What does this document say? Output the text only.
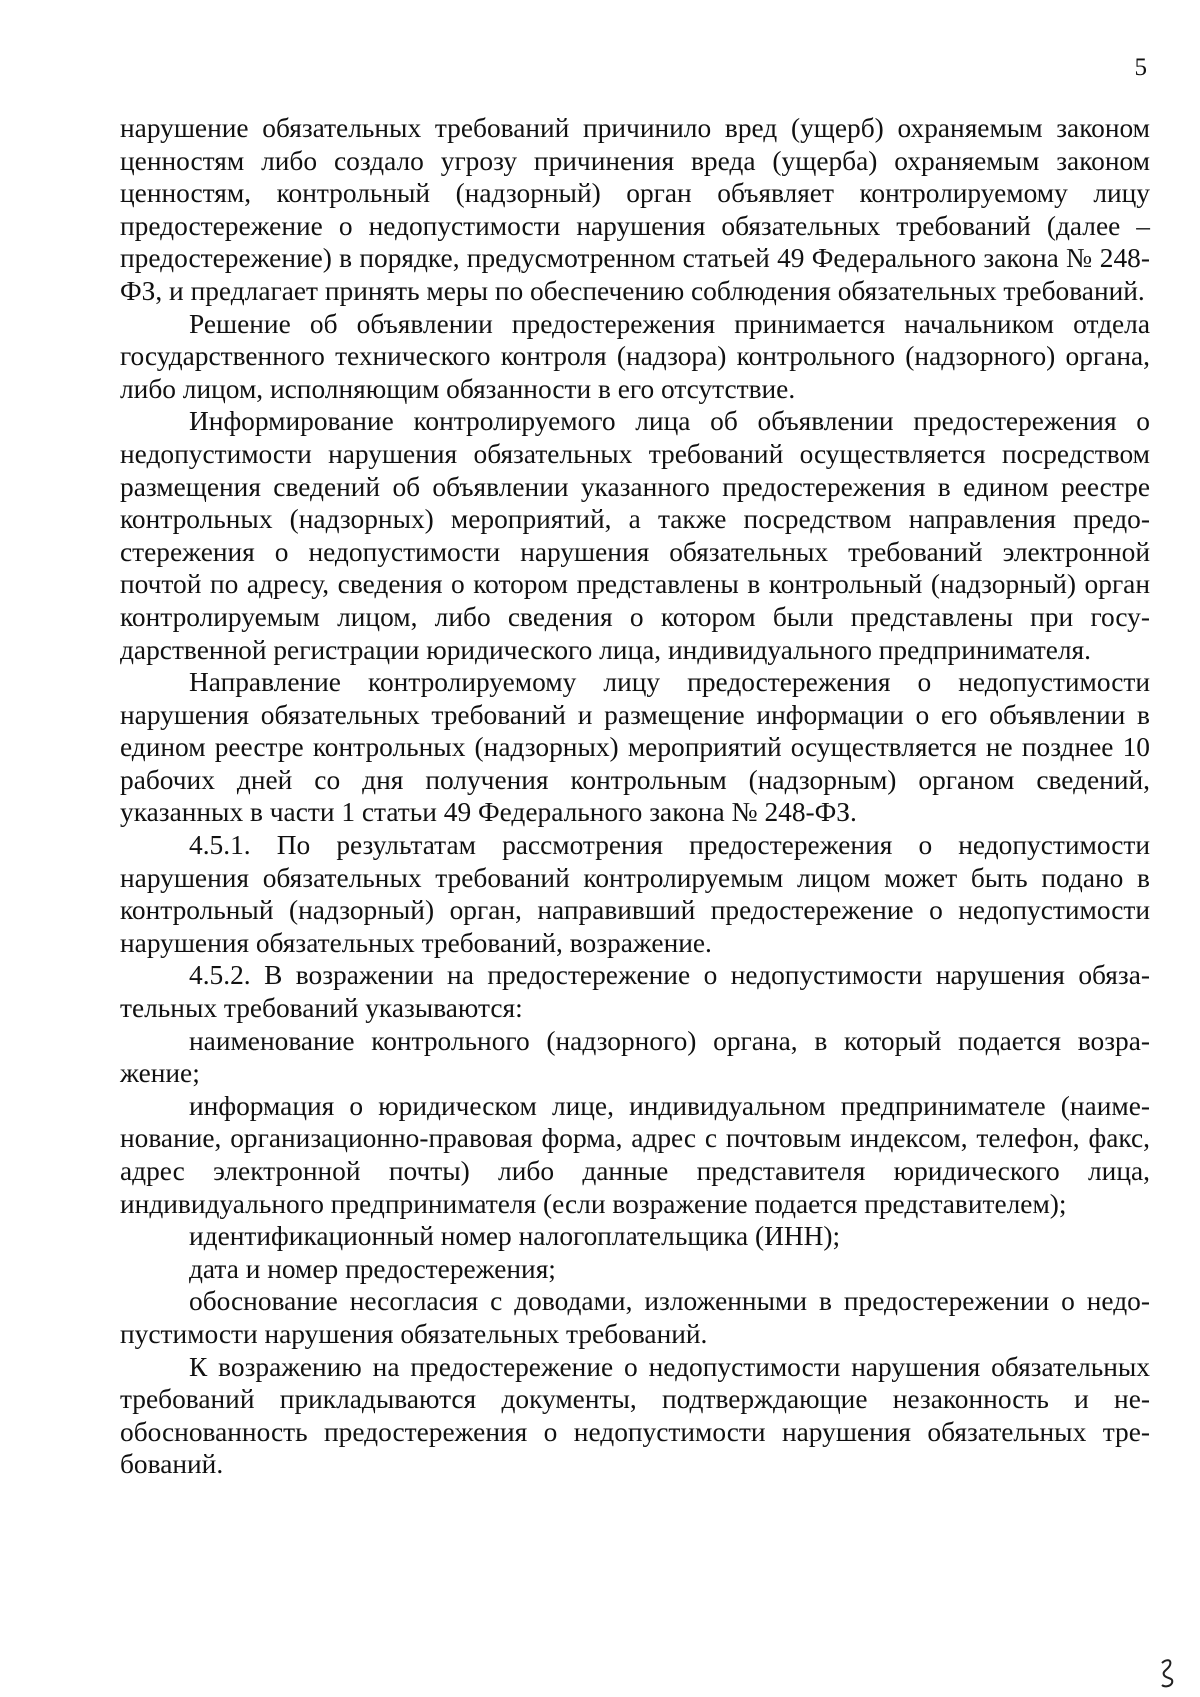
5

нарушение обязательных требований причинило вред (ущерб) охраняемым законом ценностям либо создало угрозу причинения вреда (ущерба) охраняемым законом ценностям, контрольный (надзорный) орган объявляет контролируемому лицу предостережение о недопустимости нарушения обязательных требований (далее – предостережение) в порядке, предусмотренном статьей 49 Федерального закона № 248-ФЗ, и предлагает принять меры по обеспечению соблюдения обязательных требований.

Решение об объявлении предостережения принимается начальником отдела государственного технического контроля (надзора) контрольного (надзорного) органа, либо лицом, исполняющим обязанности в его отсутствие.

Информирование контролируемого лица об объявлении предостережения о недопустимости нарушения обязательных требований осуществляется посредством размещения сведений об объявлении указанного предостережения в едином реестре контрольных (надзорных) мероприятий, а также посредством направления предостережения о недопустимости нарушения обязательных требований электронной почтой по адресу, сведения о котором представлены в контрольный (надзорный) орган контролируемым лицом, либо сведения о котором были представлены при государственной регистрации юридического лица, индивидуального предпринимателя.

Направление контролируемому лицу предостережения о недопустимости нарушения обязательных требований и размещение информации о его объявлении в едином реестре контрольных (надзорных) мероприятий осуществляется не позднее 10 рабочих дней со дня получения контрольным (надзорным) органом сведений, указанных в части 1 статьи 49 Федерального закона № 248-ФЗ.

4.5.1. По результатам рассмотрения предостережения о недопустимости нарушения обязательных требований контролируемым лицом может быть подано в контрольный (надзорный) орган, направивший предостережение о недопустимости нарушения обязательных требований, возражение.

4.5.2. В возражении на предостережение о недопустимости нарушения обязательных требований указываются:

наименование контрольного (надзорного) органа, в который подается возражение;

информация о юридическом лице, индивидуальном предпринимателе (наименование, организационно-правовая форма, адрес с почтовым индексом, телефон, факс, адрес электронной почты) либо данные представителя юридического лица, индивидуального предпринимателя (если возражение подается представителем);

идентификационный номер налогоплательщика (ИНН);

дата и номер предостережения;

обоснование несогласия с доводами, изложенными в предостережении о недопустимости нарушения обязательных требований.

К возражению на предостережение о недопустимости нарушения обязательных требований прикладываются документы, подтверждающие незаконность и необоснованность предостережения о недопустимости нарушения обязательных требований.
